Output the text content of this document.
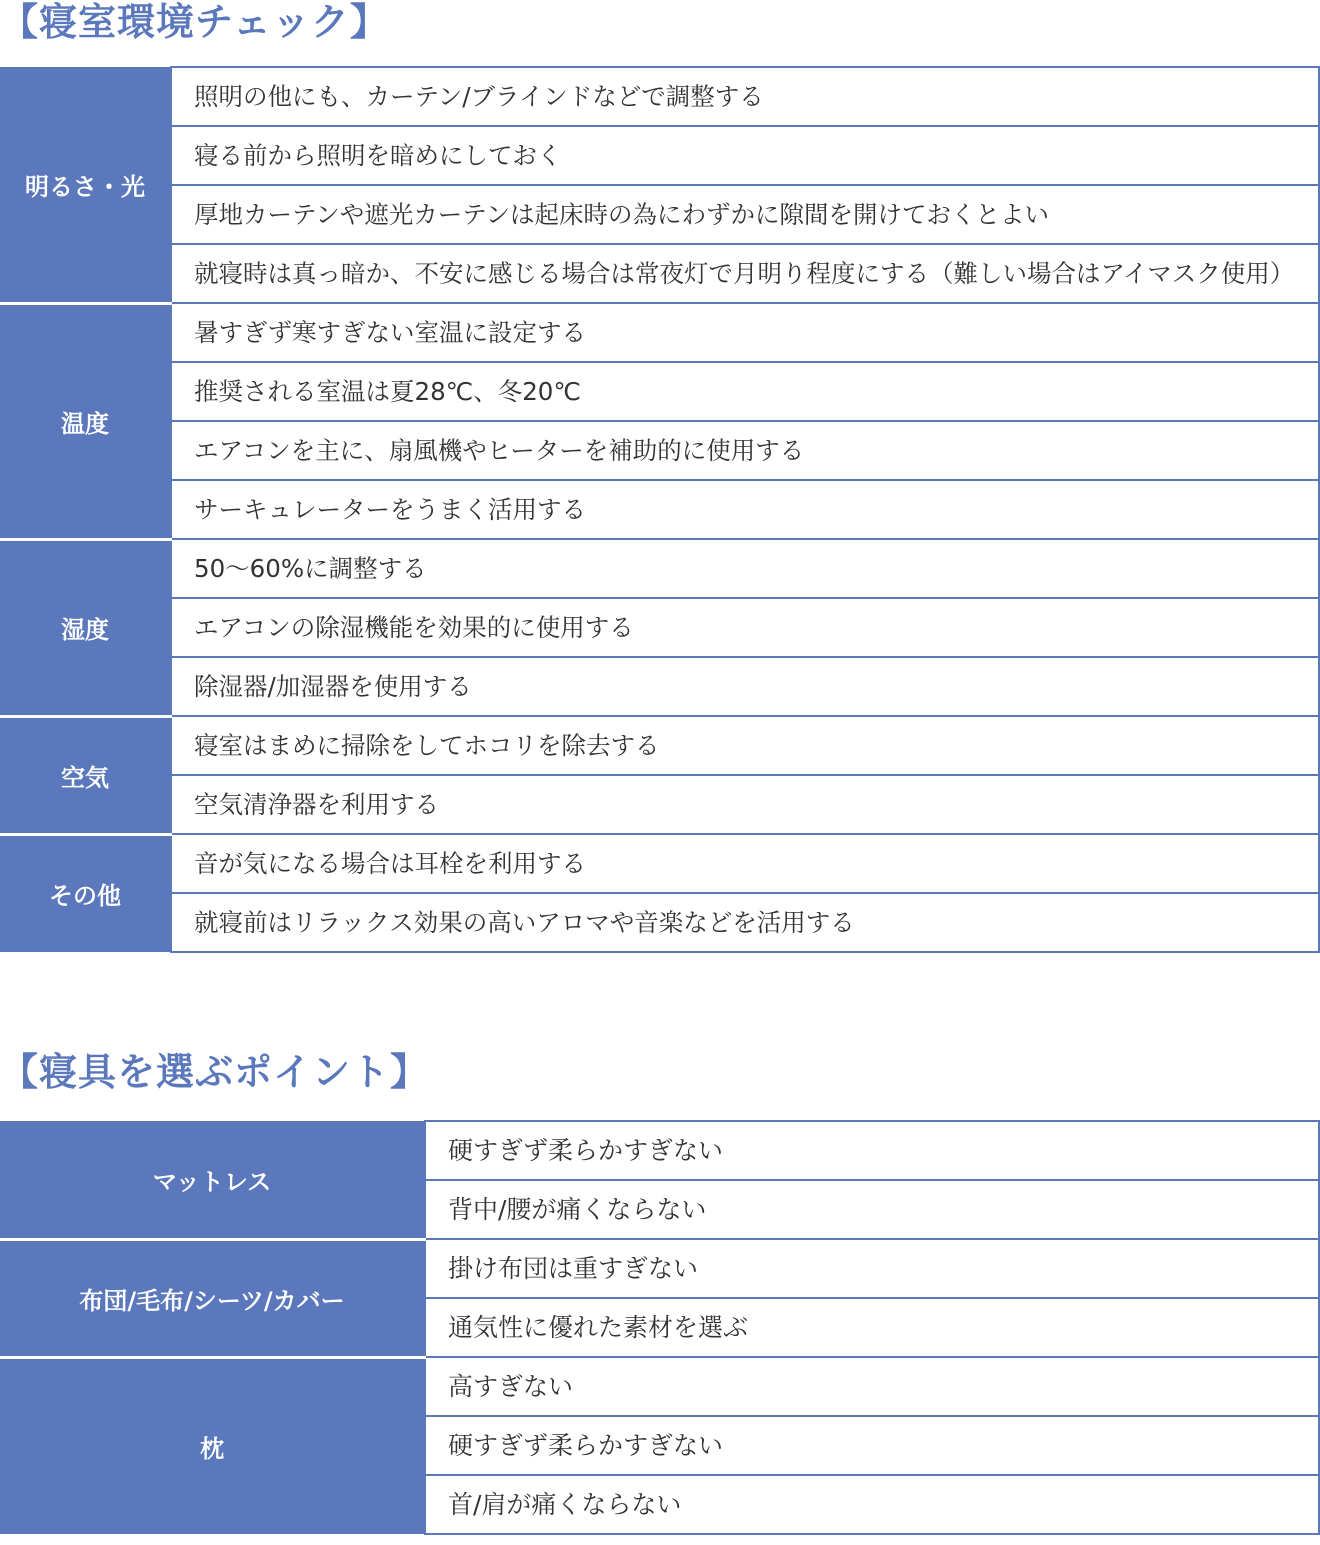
【寝室環境チェック】
明るさ・光	照明の他にも、カーテン/ブラインドなどで調整する
	寝る前から照明を暗めにしておく
	厚地カーテンや遮光カーテンは起床時の為にわずかに隙間を開けておくとよい
	就寝時は真っ暗か、不安に感じる場合は常夜灯で月明り程度にする（難しい場合はアイマスク使用）
温度	暑すぎず寒すぎない室温に設定する
	推奨される室温は夏28℃、冬20℃
	エアコンを主に、扇風機やヒーターを補助的に使用する
	サーキュレーターをうまく活用する
湿度	50～60%に調整する
	エアコンの除湿機能を効果的に使用する
	除湿器/加湿器を使用する
空気	寝室はまめに掃除をしてホコリを除去する
	空気清浄器を利用する
その他	音が気になる場合は耳栓を利用する
	就寝前はリラックス効果の高いアロマや音楽などを活用する
【寝具を選ぶポイント】
マットレス	硬すぎず柔らかすぎない
	背中/腰が痛くならない
布団/毛布/シーツ/カバー	掛け布団は重すぎない
	通気性に優れた素材を選ぶ
枕	高すぎない
	硬すぎず柔らかすぎない
	首/肩が痛くならない
